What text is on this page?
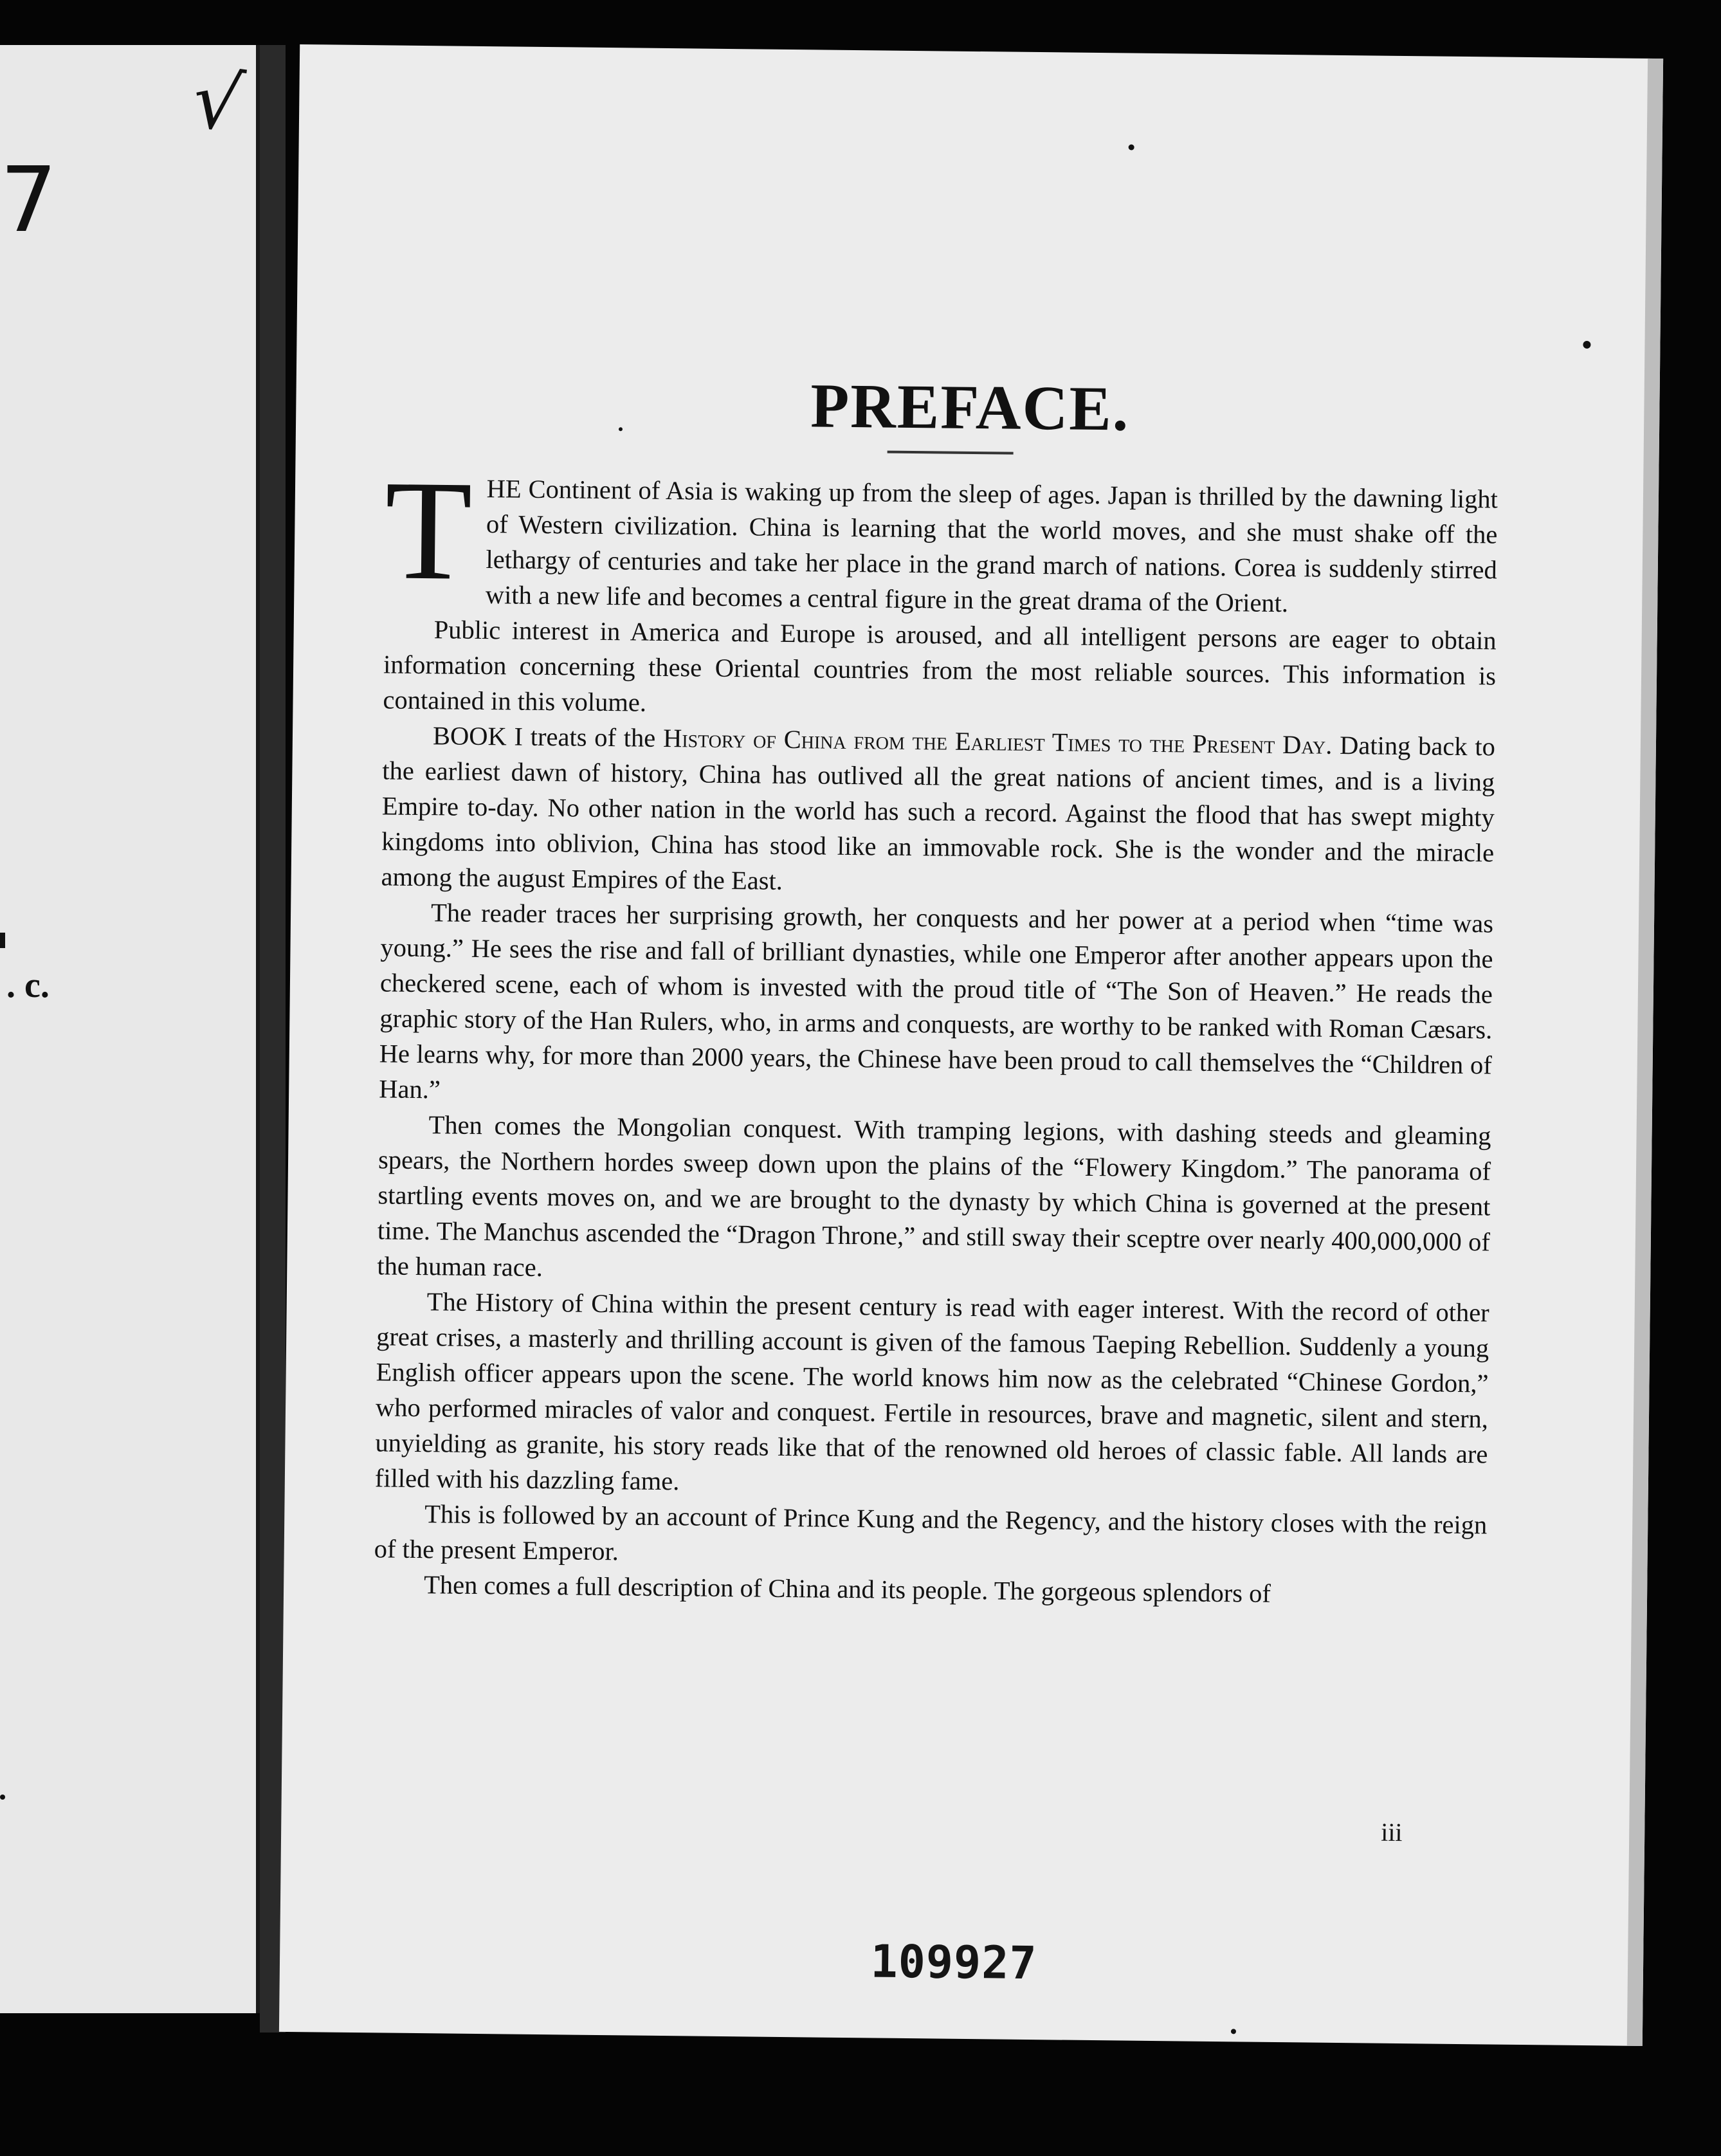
√
7
. c.
PREFACE.

T HE Continent of Asia is waking up from the sleep of ages. Japan is thrilled by the dawning light of Western civilization. China is learning that the world moves, and she must shake off the lethargy of centuries and take her place in the grand march of nations. Corea is suddenly stirred with a new life and becomes a central figure in the great drama of the Orient.

Public interest in America and Europe is aroused, and all intelligent persons are eager to obtain information concerning these Oriental countries from the most reliable sources. This information is contained in this volume.

BOOK I treats of the History of China from the Earliest Times to the Present Day. Dating back to the earliest dawn of history, China has outlived all the great nations of ancient times, and is a living Empire to-day. No other nation in the world has such a record. Against the flood that has swept mighty kingdoms into oblivion, China has stood like an immovable rock. She is the wonder and the miracle among the august Empires of the East.

The reader traces her surprising growth, her conquests and her power at a period when “time was young.” He sees the rise and fall of brilliant dynasties, while one Emperor after another appears upon the checkered scene, each of whom is invested with the proud title of “The Son of Heaven.” He reads the graphic story of the Han Rulers, who, in arms and conquests, are worthy to be ranked with Roman Cæsars. He learns why, for more than 2000 years, the Chinese have been proud to call themselves the “Children of Han.”

Then comes the Mongolian conquest. With tramping legions, with dashing steeds and gleaming spears, the Northern hordes sweep down upon the plains of the “Flowery Kingdom.” The panorama of startling events moves on, and we are brought to the dynasty by which China is governed at the present time. The Manchus ascended the “Dragon Throne,” and still sway their sceptre over nearly 400,000,000 of the human race.

The History of China within the present century is read with eager interest. With the record of other great crises, a masterly and thrilling account is given of the famous Taeping Rebellion. Suddenly a young English officer appears upon the scene. The world knows him now as the celebrated “Chinese Gordon,” who performed miracles of valor and conquest. Fertile in resources, brave and magnetic, silent and stern, unyielding as granite, his story reads like that of the renowned old heroes of classic fable. All lands are filled with his dazzling fame.

This is followed by an account of Prince Kung and the Regency, and the history closes with the reign of the present Emperor.

Then comes a full description of China and its people. The gorgeous splendors of

iii
109927
